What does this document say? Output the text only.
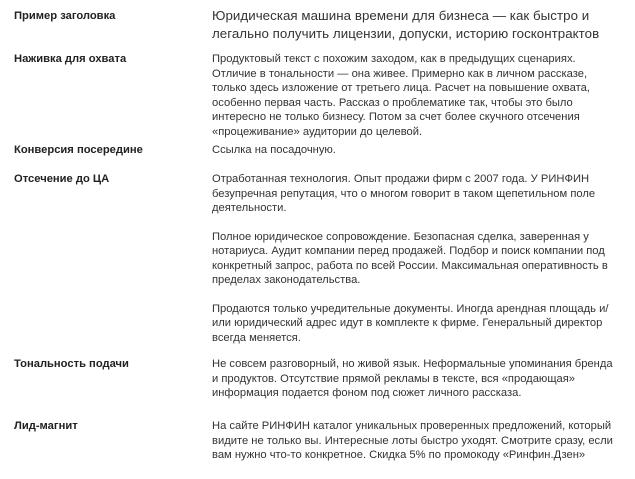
Пример заголовка	Юридическая машина времени для бизнеса — как быстро и легально получить лицензии, допуски, историю госконтрактов

Наживка для охвата	Продуктовый текст с похожим заходом, как в предыдущих сценариях. Отличие в тональности — она живее. Примерно как в личном рассказе, только здесь изложение от третьего лица. Расчет на повышение охвата, особенно первая часть. Рассказ о проблематике так, чтобы это было интересно не только бизнесу. Потом за счет более скучного отсечения «процеживание» аудитории до целевой.

Конверсия посередине	Ссылка на посадочную.

Отсечение до ЦА	Отработанная технология. Опыт продажи фирм с 2007 года. У РИНФИН безупречная репутация, что о многом говорит в таком щепетильном поле деятельности.

Полное юридическое сопровождение. Безопасная сделка, заверенная у нотариуса. Аудит компании перед продажей. Подбор и поиск компании под конкретный запрос, работа по всей России. Максимальная оперативность в пределах законодательства.

Продаются только учредительные документы. Иногда арендная площадь и/или юридический адрес идут в комплекте к фирме. Генеральный директор всегда меняется.

Тональность подачи	Не совсем разговорный, но живой язык. Неформальные упоминания бренда и продуктов. Отсутствие прямой рекламы в тексте, вся «продающая» информация подается фоном под сюжет личного рассказа.

Лид-магнит	На сайте РИНФИН каталог уникальных проверенных предложений, который видите не только вы. Интересные лоты быстро уходят. Смотрите сразу, если вам нужно что-то конкретное. Скидка 5% по промокоду «Ринфин.Дзен»
